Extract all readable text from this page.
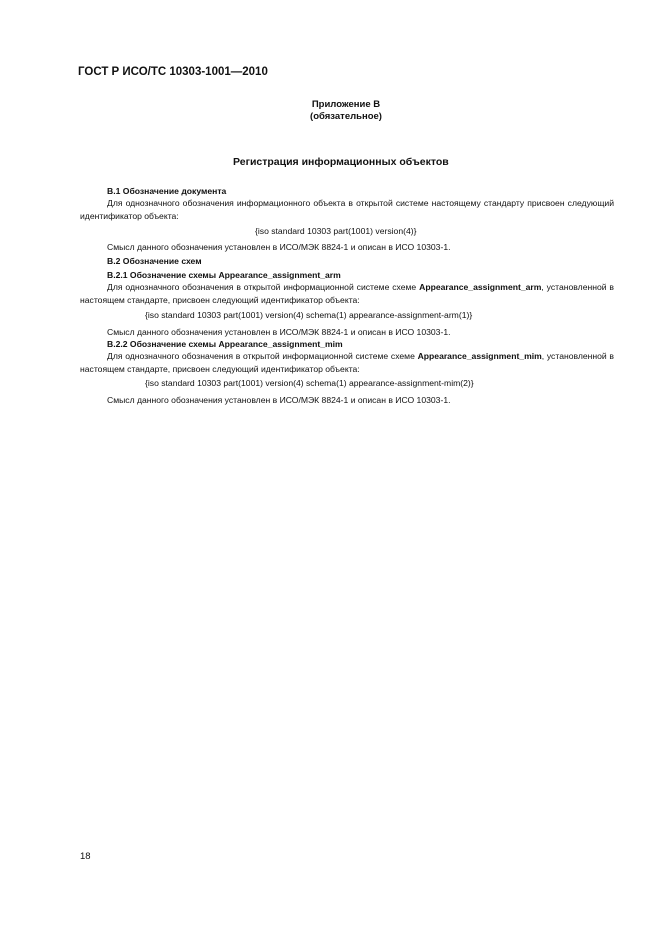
ГОСТ Р ИСО/ТС 10303-1001—2010
Приложение В
(обязательное)
Регистрация информационных объектов
В.1 Обозначение документа
Для однозначного обозначения информационного объекта в открытой системе настоящему стандарту присвоен следующий идентификатор объекта:
{iso standard 10303 part(1001) version(4)}
Смысл данного обозначения установлен в ИСО/МЭК 8824-1 и описан в ИСО 10303-1.
В.2 Обозначение схем
В.2.1 Обозначение схемы Appearance_assignment_arm
Для однозначного обозначения в открытой информационной системе схеме Appearance_assignment_arm, установленной в настоящем стандарте, присвоен следующий идентификатор объекта:
{iso standard 10303 part(1001) version(4) schema(1) appearance-assignment-arm(1)}
Смысл данного обозначения установлен в ИСО/МЭК 8824-1 и описан в ИСО 10303-1.
В.2.2 Обозначение схемы Appearance_assignment_mim
Для однозначного обозначения в открытой информационной системе схеме Appearance_assignment_mim, установленной в настоящем стандарте, присвоен следующий идентификатор объекта:
{iso standard 10303 part(1001) version(4) schema(1) appearance-assignment-mim(2)}
Смысл данного обозначения установлен в ИСО/МЭК 8824-1 и описан в ИСО 10303-1.
18
